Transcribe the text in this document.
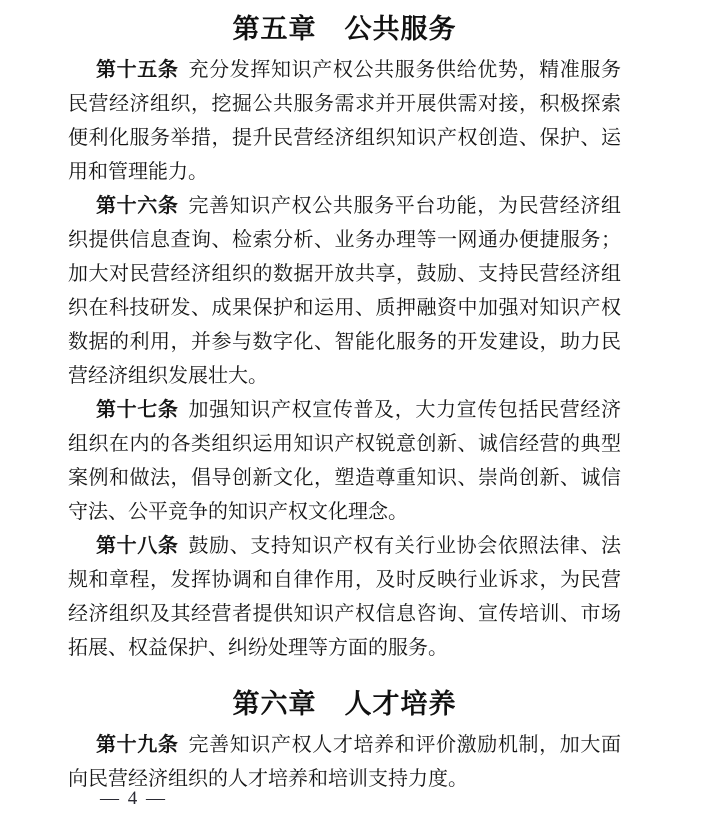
第五章　公共服务

第十五条 充分发挥知识产权公共服务供给优势，精准服务民营经济组织，挖掘公共服务需求并开展供需对接，积极探索便利化服务举措，提升民营经济组织知识产权创造、保护、运用和管理能力。

第十六条 完善知识产权公共服务平台功能，为民营经济组织提供信息查询、检索分析、业务办理等一网通办便捷服务；加大对民营经济组织的数据开放共享，鼓励、支持民营经济组织在科技研发、成果保护和运用、质押融资中加强对知识产权数据的利用，并参与数字化、智能化服务的开发建设，助力民营经济组织发展壮大。

第十七条 加强知识产权宣传普及，大力宣传包括民营经济组织在内的各类组织运用知识产权锐意创新、诚信经营的典型案例和做法，倡导创新文化，塑造尊重知识、崇尚创新、诚信守法、公平竞争的知识产权文化理念。

第十八条 鼓励、支持知识产权有关行业协会依照法律、法规和章程，发挥协调和自律作用，及时反映行业诉求，为民营经济组织及其经营者提供知识产权信息咨询、宣传培训、市场拓展、权益保护、纠纷处理等方面的服务。

第六章　人才培养

第十九条 完善知识产权人才培养和评价激励机制，加大面向民营经济组织的人才培养和培训支持力度。

— 4 —
